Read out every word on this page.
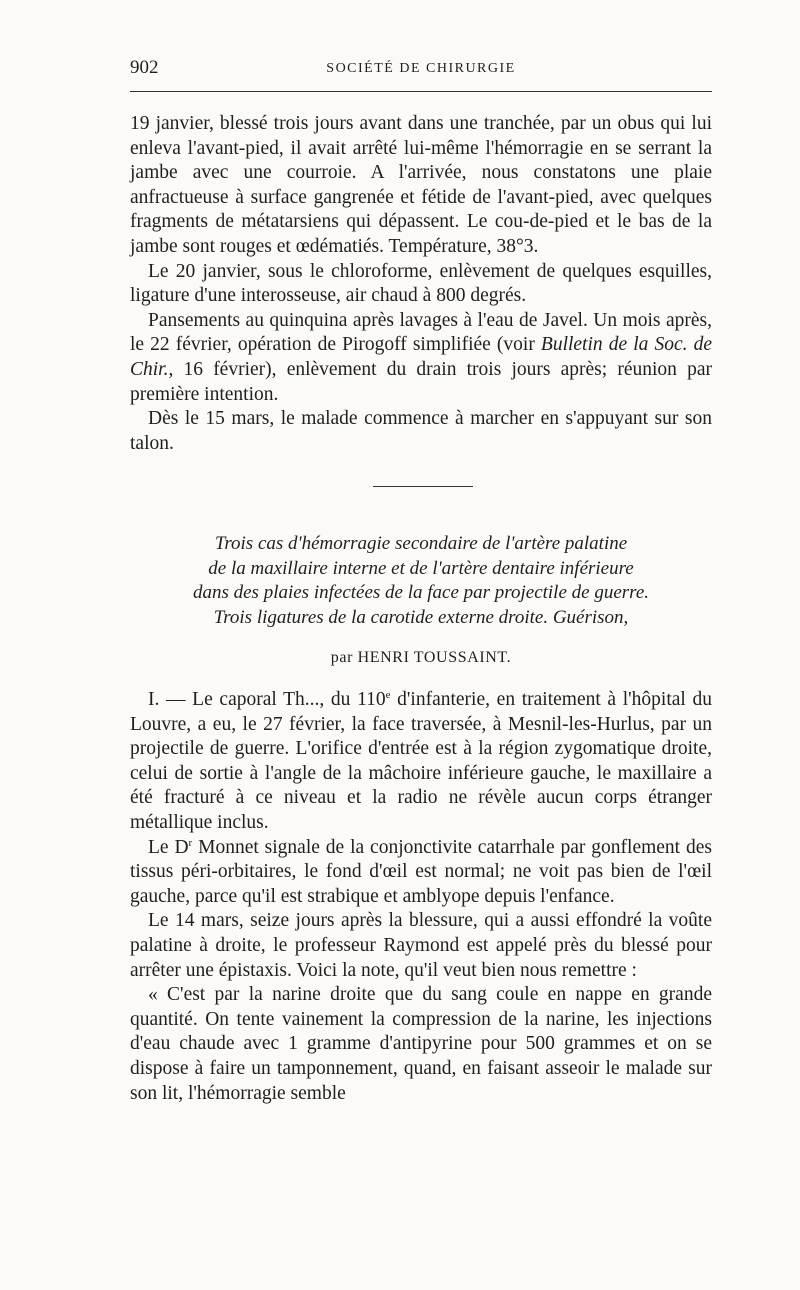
902	SOCIÉTÉ DE CHIRURGIE

19 janvier, blessé trois jours avant dans une tranchée, par un obus qui lui enleva l'avant-pied, il avait arrêté lui-même l'hémorragie en se serrant la jambe avec une courroie. A l'arrivée, nous constatons une plaie anfractueuse à surface gangrenée et fétide de l'avant-pied, avec quelques fragments de métatarsiens qui dépassent. Le cou-de-pied et le bas de la jambe sont rouges et œdématiés. Température, 38°3.

Le 20 janvier, sous le chloroforme, enlèvement de quelques esquilles, ligature d'une interosseuse, air chaud à 800 degrés.

Pansements au quinquina après lavages à l'eau de Javel. Un mois après, le 22 février, opération de Pirogoff simplifiée (voir Bulletin de la Soc. de Chir., 16 février), enlèvement du drain trois jours après; réunion par première intention.

Dès le 15 mars, le malade commence à marcher en s'appuyant sur son talon.

Trois cas d'hémorragie secondaire de l'artère palatine
de la maxillaire interne et de l'artère dentaire inférieure
dans des plaies infectées de la face par projectile de guerre.
Trois ligatures de la carotide externe droite. Guérison,
par HENRI TOUSSAINT.

I. — Le caporal Th..., du 110e d'infanterie, en traitement à l'hôpital du Louvre, a eu, le 27 février, la face traversée, à Mesnil-les-Hurlus, par un projectile de guerre. L'orifice d'entrée est à la région zygomatique droite, celui de sortie à l'angle de la mâchoire inférieure gauche, le maxillaire a été fracturé à ce niveau et la radio ne révèle aucun corps étranger métallique inclus.

Le $D^r$ Monnet signale de la conjonctivite catarrhale par gonflement des tissus péri-orbitaires, le fond d'œil est normal; ne voit pas bien de l'œil gauche, parce qu'il est strabique et amblyope depuis l'enfance.

Le 14 mars, seize jours après la blessure, qui a aussi effondré la voûte palatine à droite, le professeur Raymond est appelé près du blessé pour arrêter une épistaxis. Voici la note, qu'il veut bien nous remettre :

« C'est par la narine droite que du sang coule en nappe en grande quantité. On tente vainement la compression de la narine, les injections d'eau chaude avec 1 gramme d'antipyrine pour 500 grammes et on se dispose à faire un tamponnement, quand, en faisant asseoir le malade sur son lit, l'hémorragie semble
